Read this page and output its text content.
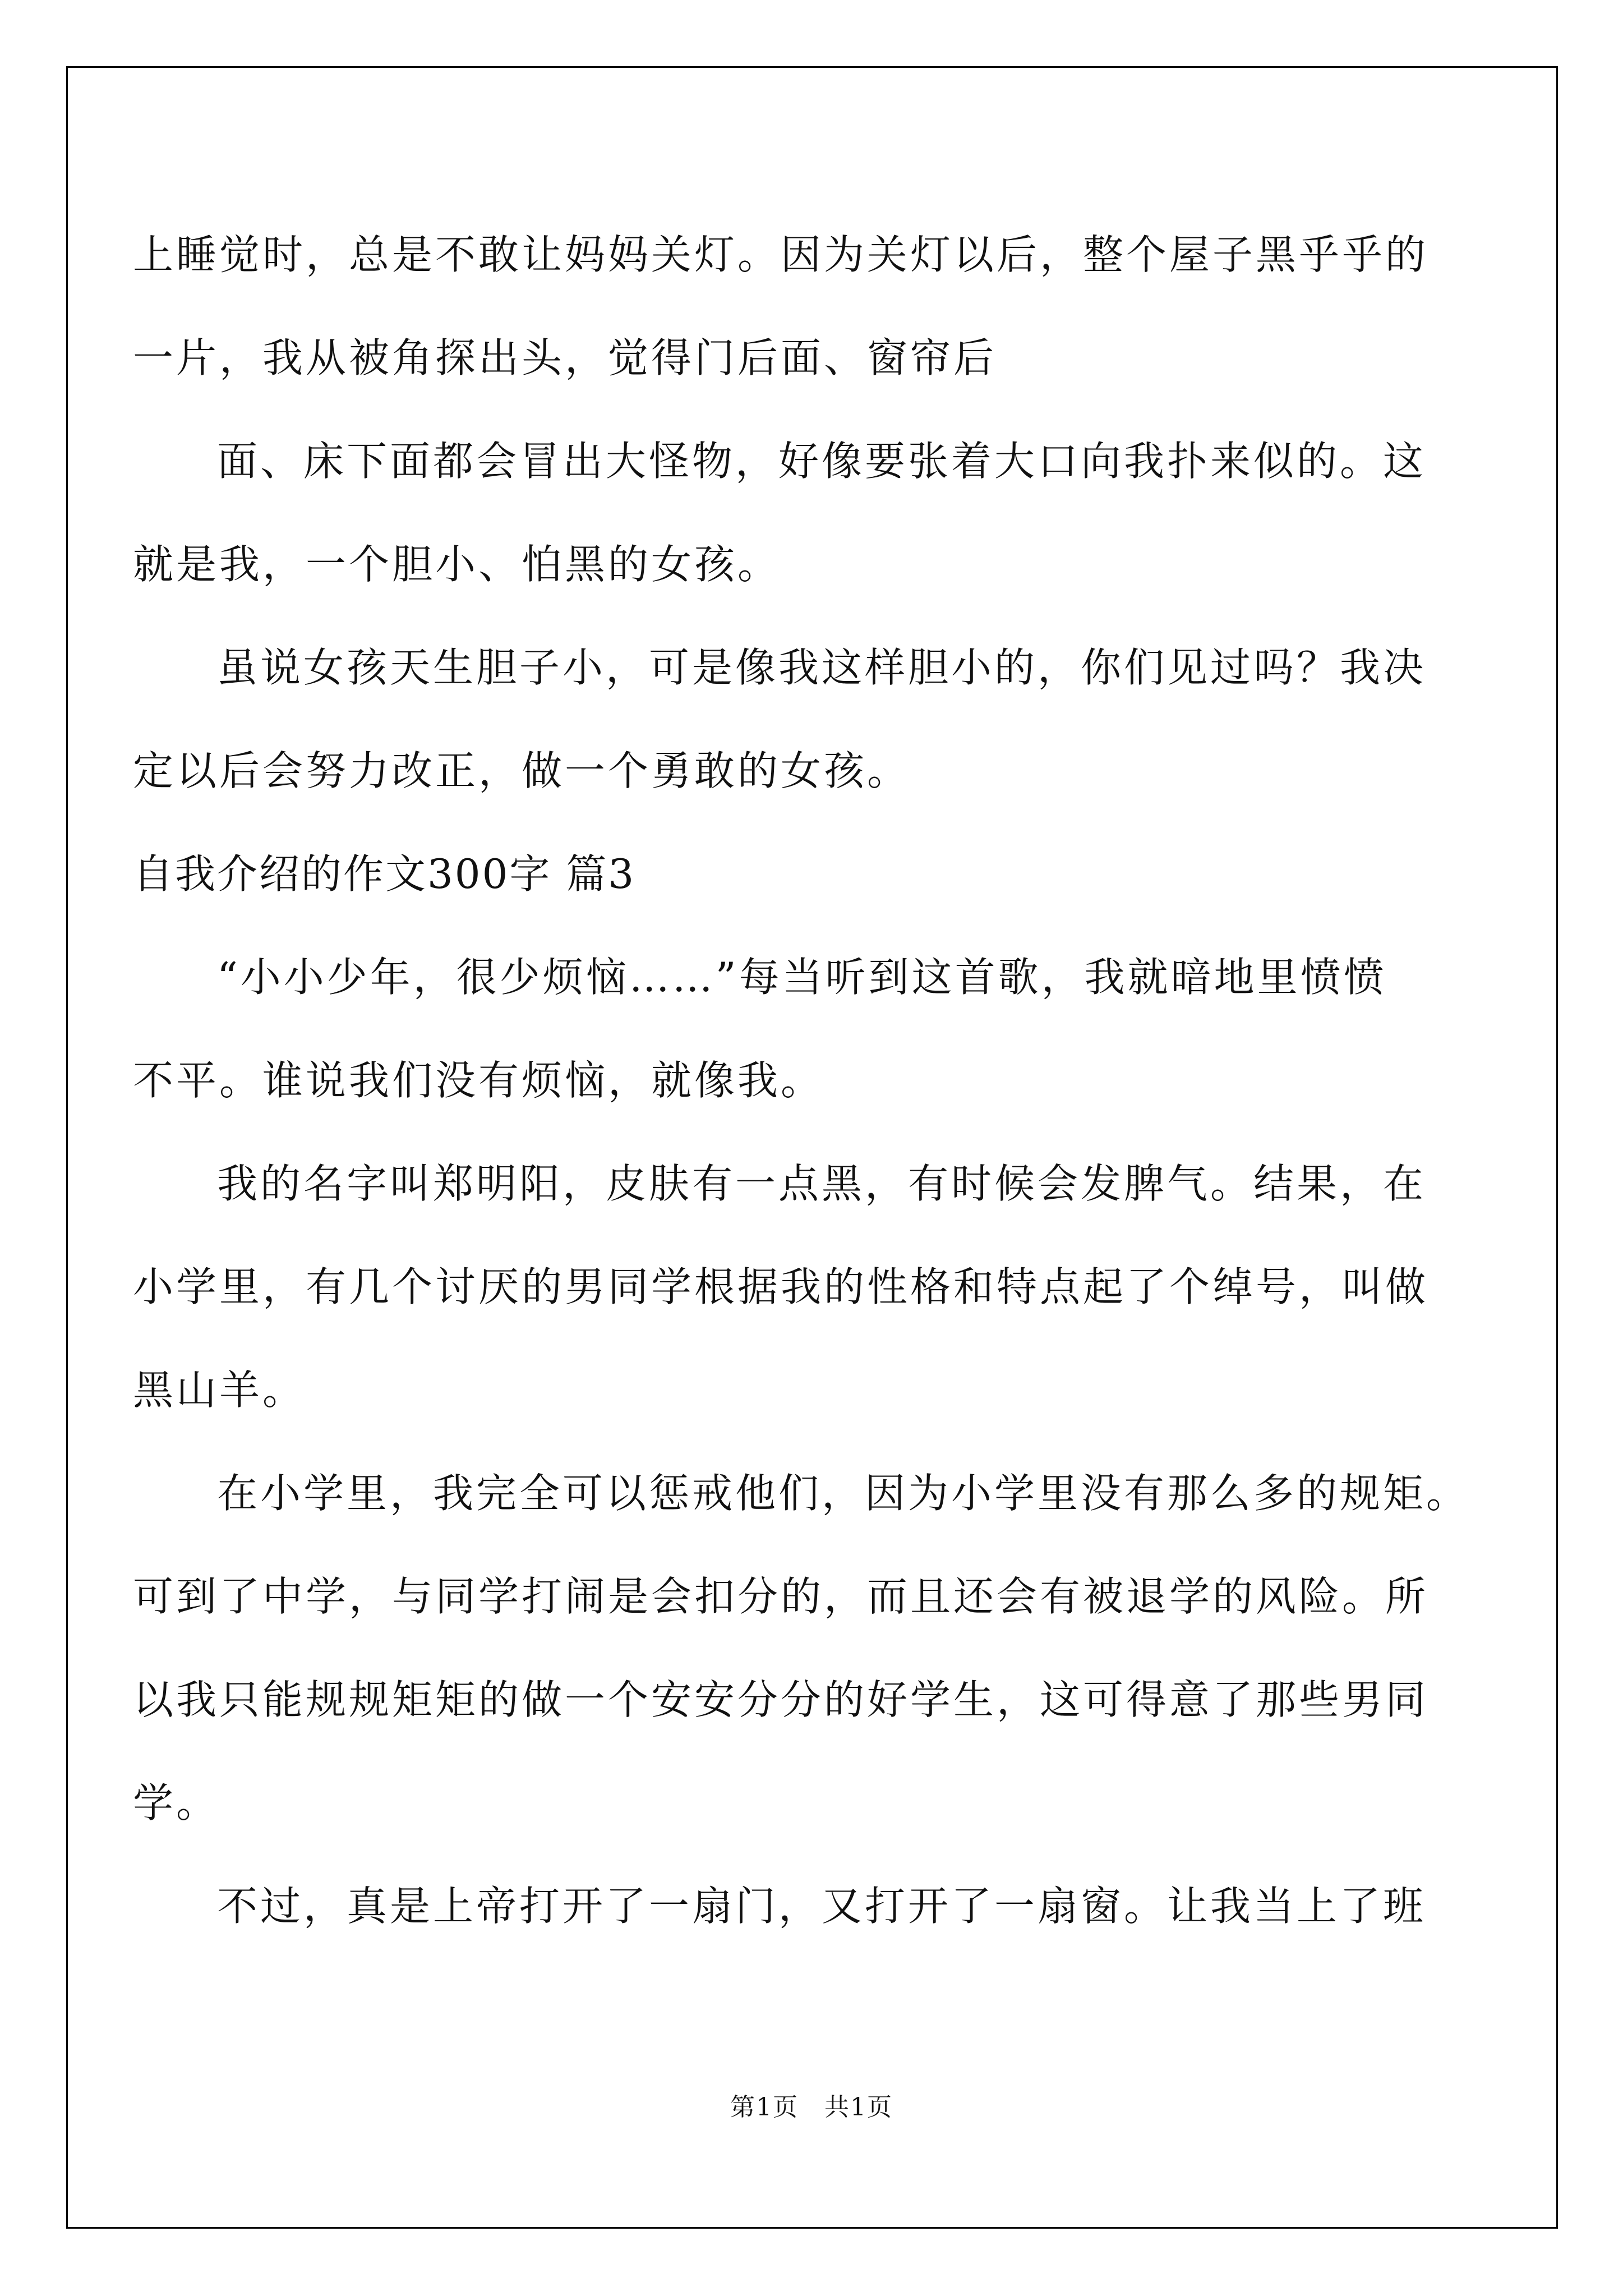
上睡觉时，总是不敢让妈妈关灯。因为关灯以后，整个屋子黑乎乎的
一片，我从被角探出头，觉得门后面、窗帘后

面、床下面都会冒出大怪物，好像要张着大口向我扑来似的。这
就是我，一个胆小、怕黑的女孩。

虽说女孩天生胆子小，可是像我这样胆小的，你们见过吗？我决
定以后会努力改正，做一个勇敢的女孩。

自我介绍的作文300字 篇3

“小小少年，很少烦恼……”每当听到这首歌，我就暗地里愤愤
不平。谁说我们没有烦恼，就像我。

我的名字叫郑明阳，皮肤有一点黑，有时候会发脾气。结果，在
小学里，有几个讨厌的男同学根据我的性格和特点起了个绰号，叫做
黑山羊。

在小学里，我完全可以惩戒他们，因为小学里没有那么多的规矩。
可到了中学，与同学打闹是会扣分的，而且还会有被退学的风险。所
以我只能规规矩矩的做一个安安分分的好学生，这可得意了那些男同
学。

不过，真是上帝打开了一扇门，又打开了一扇窗。让我当上了班

第1页　共1页
